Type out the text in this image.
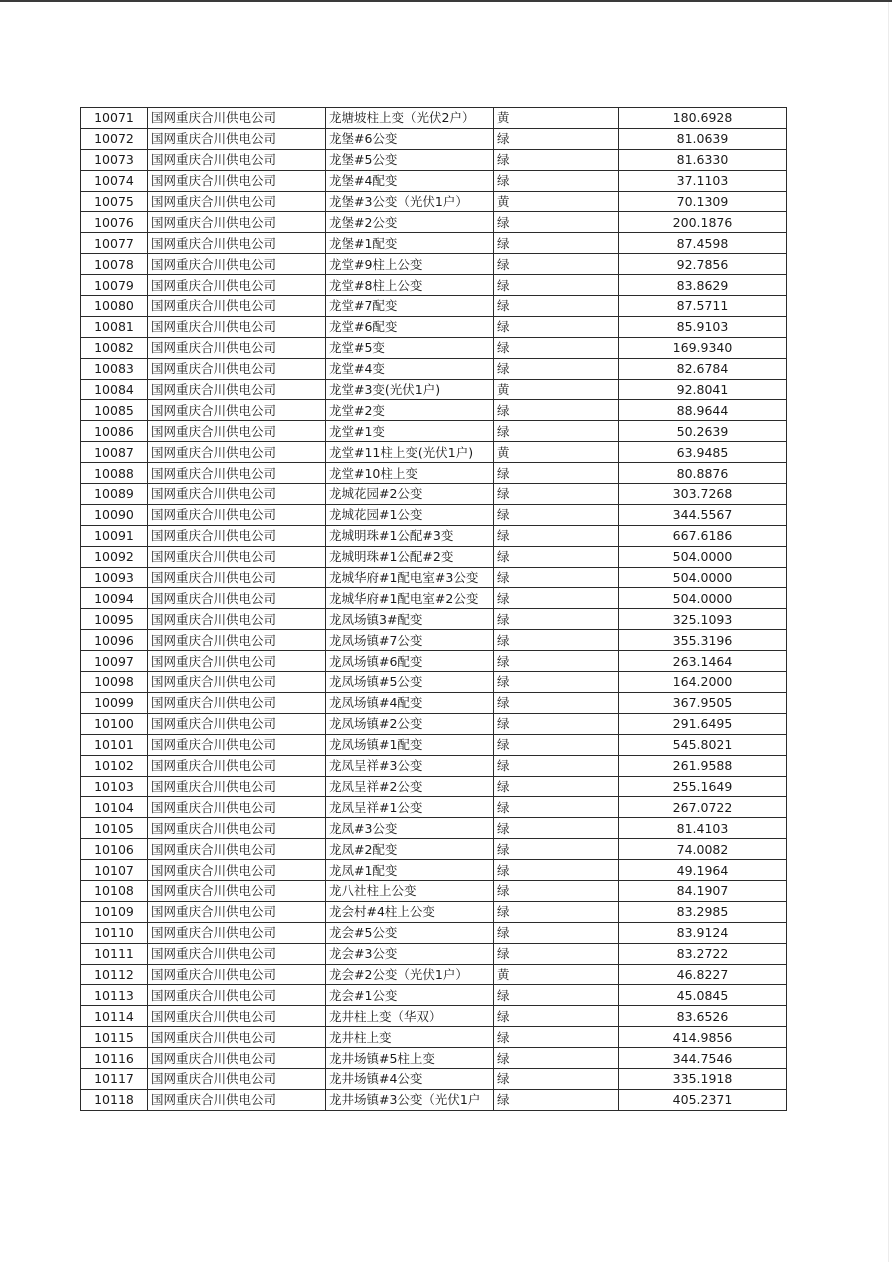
10071	国网重庆合川供电公司	龙塘坡柱上变（光伏2户）	黄	180.6928
10072	国网重庆合川供电公司	龙堡#6公变	绿	81.0639
10073	国网重庆合川供电公司	龙堡#5公变	绿	81.6330
10074	国网重庆合川供电公司	龙堡#4配变	绿	37.1103
10075	国网重庆合川供电公司	龙堡#3公变（光伏1户）	黄	70.1309
10076	国网重庆合川供电公司	龙堡#2公变	绿	200.1876
10077	国网重庆合川供电公司	龙堡#1配变	绿	87.4598
10078	国网重庆合川供电公司	龙堂#9柱上公变	绿	92.7856
10079	国网重庆合川供电公司	龙堂#8柱上公变	绿	83.8629
10080	国网重庆合川供电公司	龙堂#7配变	绿	87.5711
10081	国网重庆合川供电公司	龙堂#6配变	绿	85.9103
10082	国网重庆合川供电公司	龙堂#5变	绿	169.9340
10083	国网重庆合川供电公司	龙堂#4变	绿	82.6784
10084	国网重庆合川供电公司	龙堂#3变(光伏1户)	黄	92.8041
10085	国网重庆合川供电公司	龙堂#2变	绿	88.9644
10086	国网重庆合川供电公司	龙堂#1变	绿	50.2639
10087	国网重庆合川供电公司	龙堂#11柱上变(光伏1户)	黄	63.9485
10088	国网重庆合川供电公司	龙堂#10柱上变	绿	80.8876
10089	国网重庆合川供电公司	龙城花园#2公变	绿	303.7268
10090	国网重庆合川供电公司	龙城花园#1公变	绿	344.5567
10091	国网重庆合川供电公司	龙城明珠#1公配#3变	绿	667.6186
10092	国网重庆合川供电公司	龙城明珠#1公配#2变	绿	504.0000
10093	国网重庆合川供电公司	龙城华府#1配电室#3公变	绿	504.0000
10094	国网重庆合川供电公司	龙城华府#1配电室#2公变	绿	504.0000
10095	国网重庆合川供电公司	龙凤场镇3#配变	绿	325.1093
10096	国网重庆合川供电公司	龙凤场镇#7公变	绿	355.3196
10097	国网重庆合川供电公司	龙凤场镇#6配变	绿	263.1464
10098	国网重庆合川供电公司	龙凤场镇#5公变	绿	164.2000
10099	国网重庆合川供电公司	龙凤场镇#4配变	绿	367.9505
10100	国网重庆合川供电公司	龙凤场镇#2公变	绿	291.6495
10101	国网重庆合川供电公司	龙凤场镇#1配变	绿	545.8021
10102	国网重庆合川供电公司	龙凤呈祥#3公变	绿	261.9588
10103	国网重庆合川供电公司	龙凤呈祥#2公变	绿	255.1649
10104	国网重庆合川供电公司	龙凤呈祥#1公变	绿	267.0722
10105	国网重庆合川供电公司	龙凤#3公变	绿	81.4103
10106	国网重庆合川供电公司	龙凤#2配变	绿	74.0082
10107	国网重庆合川供电公司	龙凤#1配变	绿	49.1964
10108	国网重庆合川供电公司	龙八社柱上公变	绿	84.1907
10109	国网重庆合川供电公司	龙会村#4柱上公变	绿	83.2985
10110	国网重庆合川供电公司	龙会#5公变	绿	83.9124
10111	国网重庆合川供电公司	龙会#3公变	绿	83.2722
10112	国网重庆合川供电公司	龙会#2公变（光伏1户）	黄	46.8227
10113	国网重庆合川供电公司	龙会#1公变	绿	45.0845
10114	国网重庆合川供电公司	龙井柱上变（华双）	绿	83.6526
10115	国网重庆合川供电公司	龙井柱上变	绿	414.9856
10116	国网重庆合川供电公司	龙井场镇#5柱上变	绿	344.7546
10117	国网重庆合川供电公司	龙井场镇#4公变	绿	335.1918
10118	国网重庆合川供电公司	龙井场镇#3公变（光伏1户	绿	405.2371
